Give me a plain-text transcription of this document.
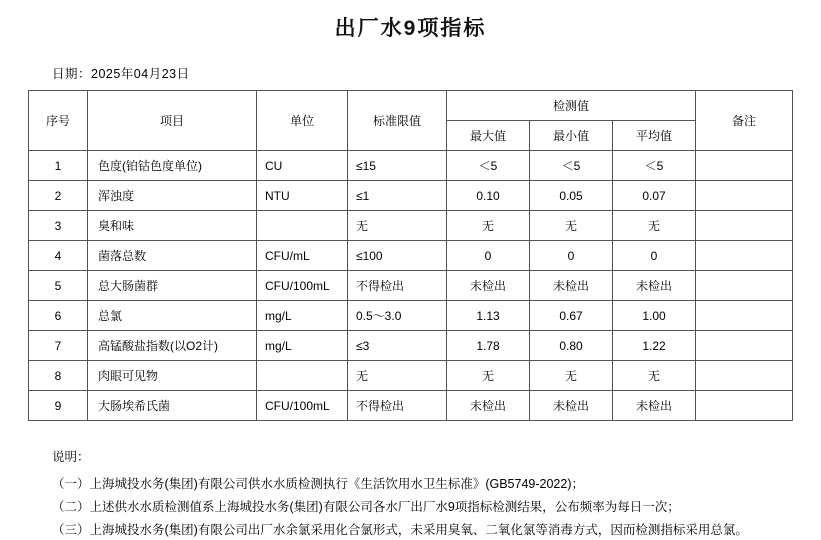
出厂水9项指标
日期：2025年04月23日
序号	项目	单位	标准限值	检测值			备注
				最大值	最小值	平均值	
1	色度(铂钴色度单位)	CU	≤15	＜5	＜5	＜5	
2	浑浊度	NTU	≤1	0.10	0.05	0.07	
3	臭和味		无	无	无	无	
4	菌落总数	CFU/mL	≤100	0	0	0	
5	总大肠菌群	CFU/100mL	不得检出	未检出	未检出	未检出	
6	总氯	mg/L	0.5～3.0	1.13	0.67	1.00	
7	高锰酸盐指数(以O2计)	mg/L	≤3	1.78	0.80	1.22	
8	肉眼可见物		无	无	无	无	
9	大肠埃希氏菌	CFU/100mL	不得检出	未检出	未检出	未检出	
说明：
（一）上海城投水务(集团)有限公司供水水质检测执行《生活饮用水卫生标准》(GB5749-2022)；
（二）上述供水水质检测值系上海城投水务(集团)有限公司各水厂出厂水9项指标检测结果，公布频率为每日一次；
（三）上海城投水务(集团)有限公司出厂水余氯采用化合氯形式，未采用臭氧、二氧化氯等消毒方式，因而检测指标采用总氯。
